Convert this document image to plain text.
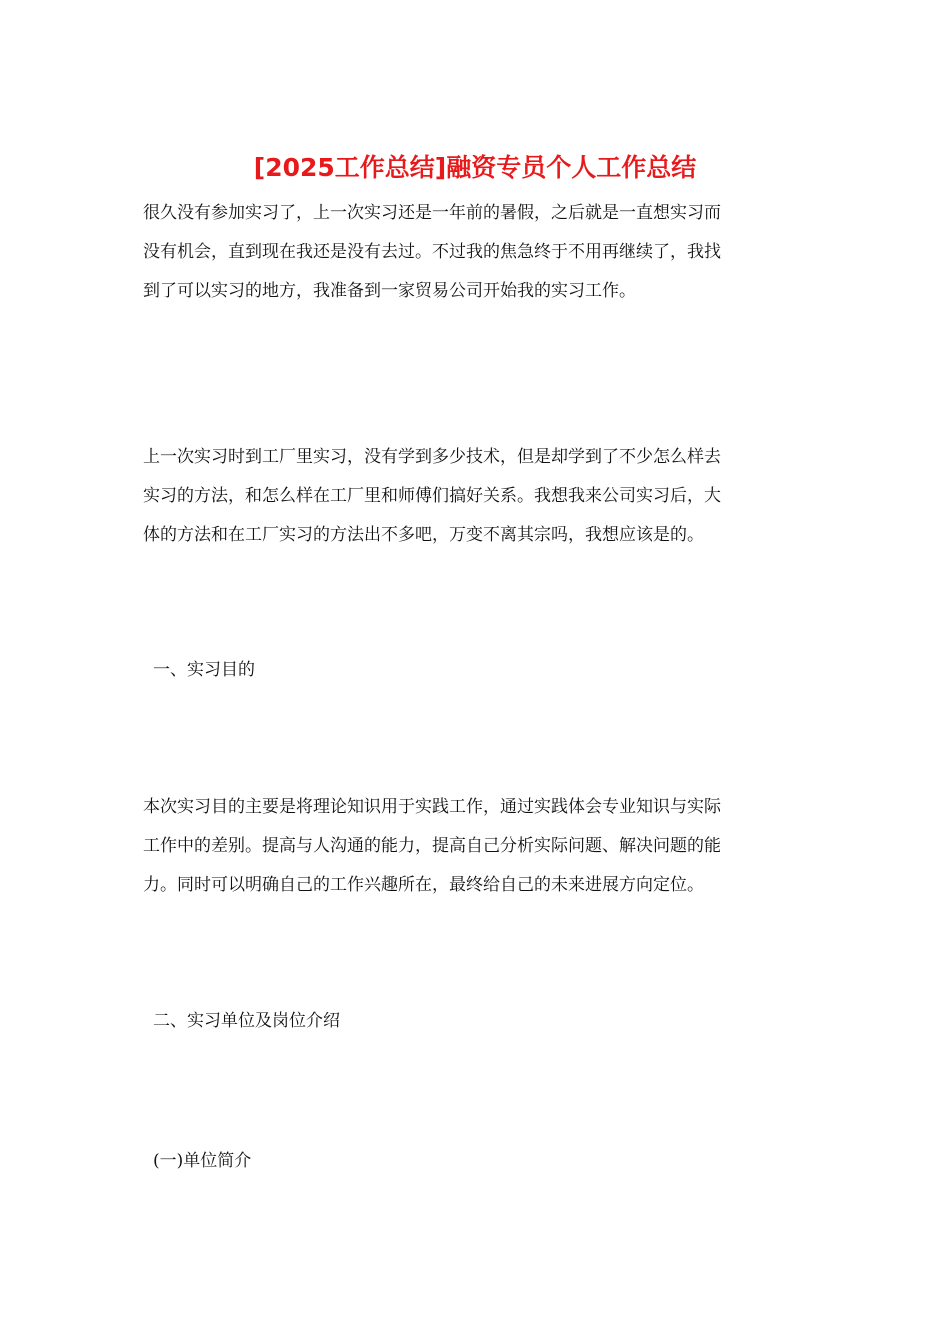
[2025工作总结]融资专员个人工作总结

很久没有参加实习了，上一次实习还是一年前的暑假，之后就是一直想实习而
没有机会，直到现在我还是没有去过。不过我的焦急终于不用再继续了，我找
到了可以实习的地方，我准备到一家贸易公司开始我的实习工作。

上一次实习时到工厂里实习，没有学到多少技术，但是却学到了不少怎么样去
实习的方法，和怎么样在工厂里和师傅们搞好关系。我想我来公司实习后，大
体的方法和在工厂实习的方法出不多吧，万变不离其宗吗，我想应该是的。

一、实习目的

本次实习目的主要是将理论知识用于实践工作，通过实践体会专业知识与实际
工作中的差别。提高与人沟通的能力，提高自己分析实际问题、解决问题的能
力。同时可以明确自己的工作兴趣所在，最终给自己的未来进展方向定位。

二、实习单位及岗位介绍

(一)单位简介
